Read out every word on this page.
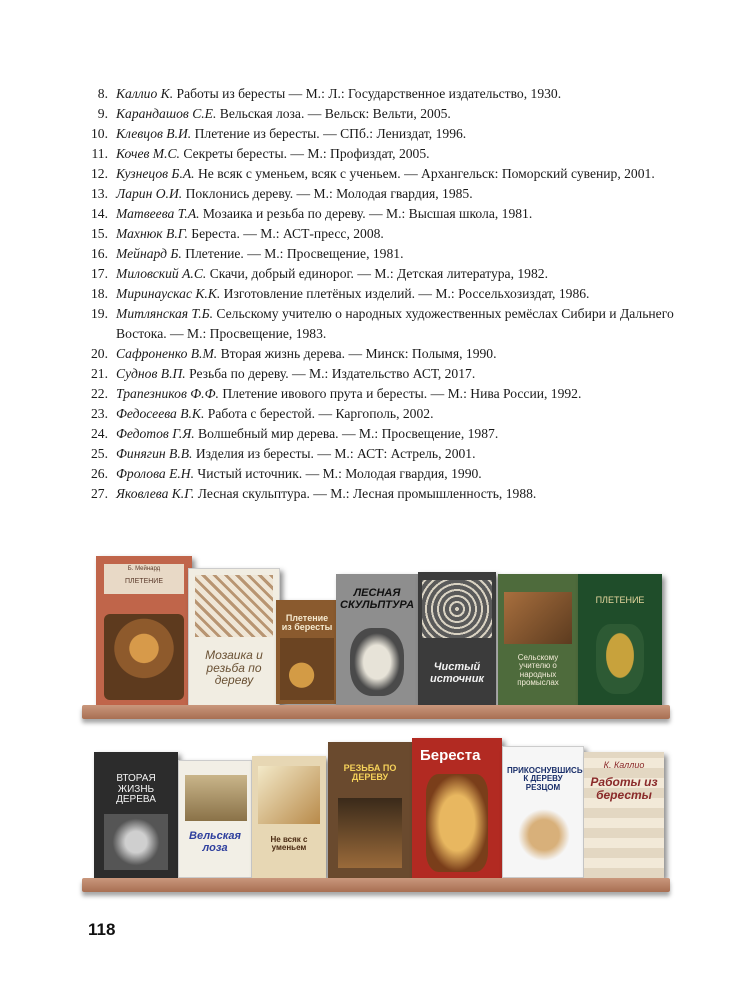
8. Каллио К. Работы из бересты — М.: Л.: Государственное издательство, 1930.
9. Карандашов С.Е. Вельская лоза. — Вельск: Вельти, 2005.
10. Клевцов В.И. Плетение из бересты. — СПб.: Лениздат, 1996.
11. Кочев М.С. Секреты бересты. — М.: Профиздат, 2005.
12. Кузнецов Б.А. Не всяк с уменьем, всяк с ученьем. — Архангельск: Поморский сувенир, 2001.
13. Ларин О.И. Поклонись дереву. — М.: Молодая гвардия, 1985.
14. Матвеева Т.А. Мозаика и резьба по дереву. — М.: Высшая школа, 1981.
15. Махнюк В.Г. Береста. — М.: АСТ-пресс, 2008.
16. Мейнард Б. Плетение. — М.: Просвещение, 1981.
17. Миловский А.С. Скачи, добрый единорог. — М.: Детская литература, 1982.
18. Миринаускас К.К. Изготовление плетёных изделий. — М.: Россельхозиздат, 1986.
19. Митлянская Т.Б. Сельскому учителю о народных художественных ремёслах Сибири и Дальнего Востока. — М.: Просвещение, 1983.
20. Сафроненко В.М. Вторая жизнь дерева. — Минск: Полымя, 1990.
21. Суднов В.П. Резьба по дереву. — М.: Издательство АСТ, 2017.
22. Трапезников Ф.Ф. Плетение ивового прута и бересты. — М.: Нива России, 1992.
23. Федосеева В.К. Работа с берестой. — Каргополь, 2002.
24. Федотов Г.Я. Волшебный мир дерева. — М.: Просвещение, 1987.
25. Финягин В.В. Изделия из бересты. — М.: АСТ: Астрель, 2001.
26. Фролова Е.Н. Чистый источник. — М.: Молодая гвардия, 1990.
27. Яковлева К.Г. Лесная скульптура. — М.: Лесная промышленность, 1988.
Б. Мейнард
ПЛЕТЕНИЕ
Мозаика и резьба по дереву
Плетение из бересты
ЛЕСНАЯ СКУЛЬПТУРА
Чистый источник
Сельскому учителю о народных промыслах
ПЛЕТЕНИЕ
ВТОРАЯ ЖИЗНЬ ДЕРЕВА
Вельская лоза
Не всяк с уменьем
РЕЗЬБА ПО ДЕРЕВУ
Береста
ПРИКОСНУВШИСЬ К ДЕРЕВУ РЕЗЦОМ
К. Каллио
Работы из бересты
118
